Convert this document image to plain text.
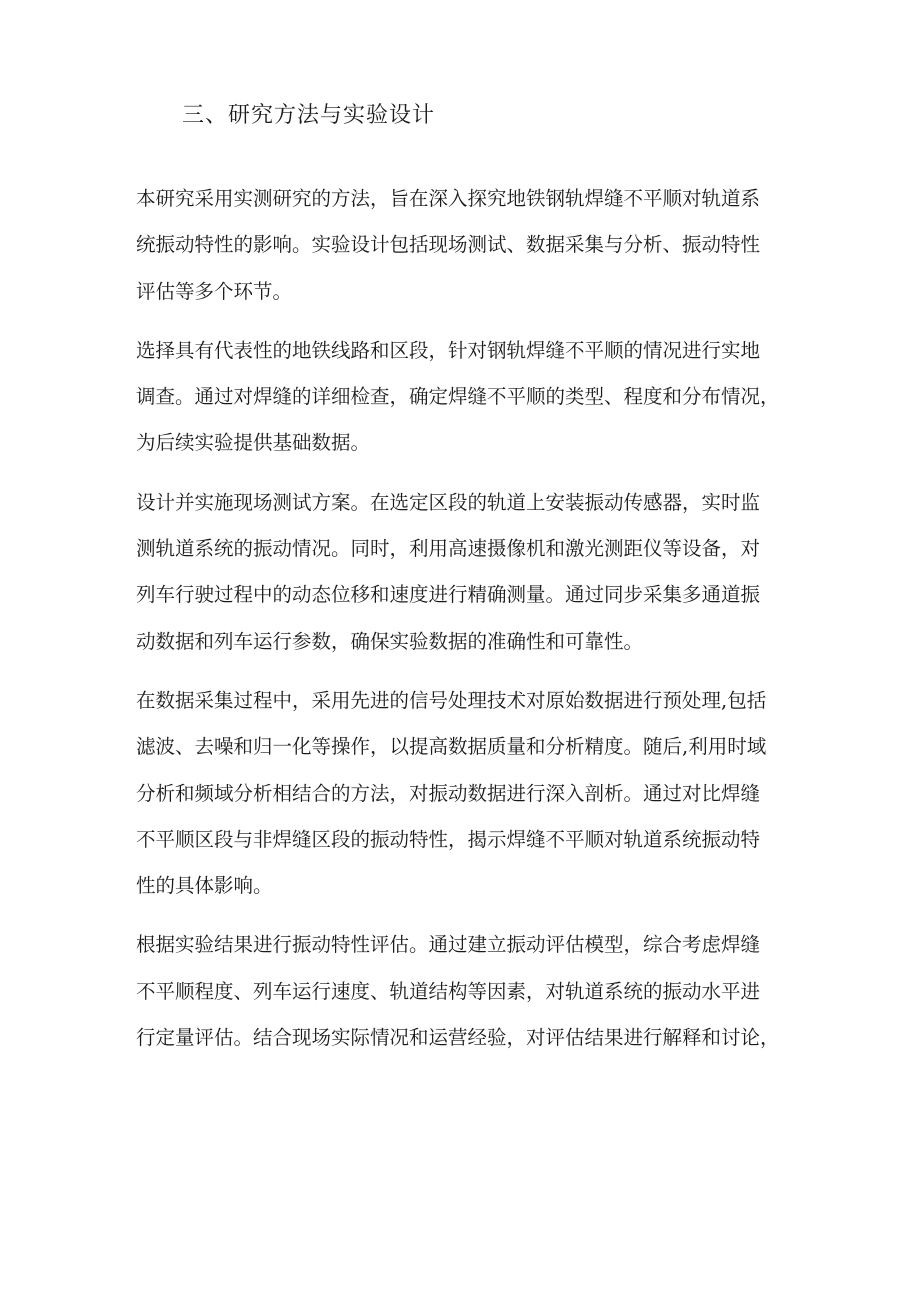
三、研究方法与实验设计

本研究采用实测研究的方法，旨在深入探究地铁钢轨焊缝不平顺对轨道系
统振动特性的影响。实验设计包括现场测试、数据采集与分析、振动特性
评估等多个环节。

选择具有代表性的地铁线路和区段，针对钢轨焊缝不平顺的情况进行实地
调查。通过对焊缝的详细检查，确定焊缝不平顺的类型、程度和分布情况，
为后续实验提供基础数据。

设计并实施现场测试方案。在选定区段的轨道上安装振动传感器，实时监
测轨道系统的振动情况。同时，利用高速摄像机和激光测距仪等设备，对
列车行驶过程中的动态位移和速度进行精确测量。通过同步采集多通道振
动数据和列车运行参数，确保实验数据的准确性和可靠性。

在数据采集过程中，采用先进的信号处理技术对原始数据进行预处理,包括
滤波、去噪和归一化等操作，以提高数据质量和分析精度。随后,利用时域
分析和频域分析相结合的方法，对振动数据进行深入剖析。通过对比焊缝
不平顺区段与非焊缝区段的振动特性，揭示焊缝不平顺对轨道系统振动特
性的具体影响。

根据实验结果进行振动特性评估。通过建立振动评估模型，综合考虑焊缝
不平顺程度、列车运行速度、轨道结构等因素，对轨道系统的振动水平进
行定量评估。结合现场实际情况和运营经验，对评估结果进行解释和讨论，
